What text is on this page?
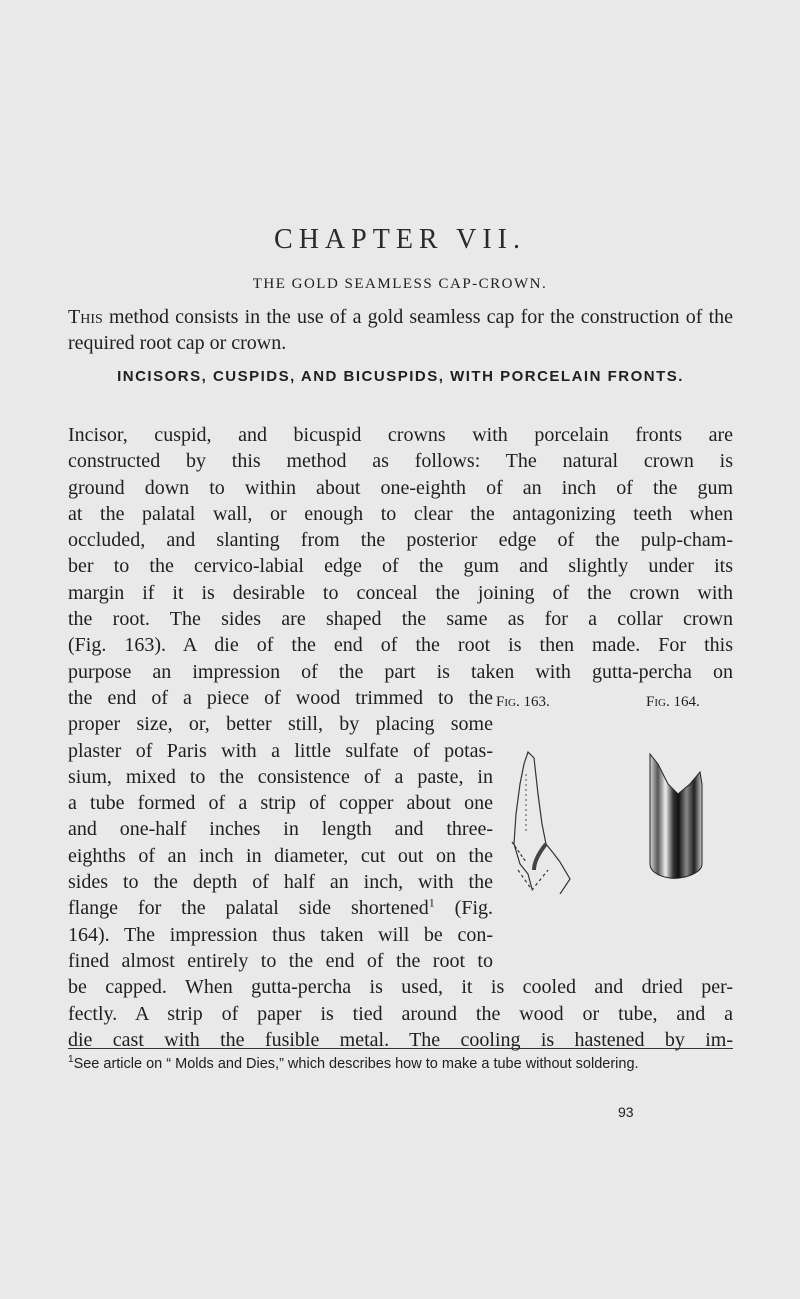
CHAPTER VII.
THE GOLD SEAMLESS CAP-CROWN.
This method consists in the use of a gold seamless cap for the construction of the required root cap or crown.
INCISORS, CUSPIDS, AND BICUSPIDS, WITH PORCELAIN FRONTS.
Incisor, cuspid, and bicuspid crowns with porcelain fronts are
constructed by this method as follows: The natural crown is
ground down to within about one-eighth of an inch of the gum
at the palatal wall, or enough to clear the antagonizing teeth when
occluded, and slanting from the posterior edge of the pulp-cham-
ber to the cervico-labial edge of the gum and slightly under its
margin if it is desirable to conceal the joining of the crown with
the root. The sides are shaped the same as for a collar crown
(Fig. 163). A die of the end of the root is then made. For this
purpose an impression of the part is taken with gutta-percha on
the end of a piece of wood trimmed to the
proper size, or, better still, by placing some
plaster of Paris with a little sulfate of potas-
sium, mixed to the consistence of a paste, in
a tube formed of a strip of copper about one
and one-half inches in length and three-
eighths of an inch in diameter, cut out on the
sides to the depth of half an inch, with the
flange for the palatal side shortened$^1$ (Fig.
164). The impression thus taken will be con-
fined almost entirely to the end of the root to
be capped. When gutta-percha is used, it is cooled and dried per-
fectly. A strip of paper is tied around the wood or tube, and a
die cast with the fusible metal. The cooling is hastened by im-
Fig. 163.	Fig. 164.
$^1$See article on “ Molds and Dies,” which describes how to make a tube without soldering.
93
